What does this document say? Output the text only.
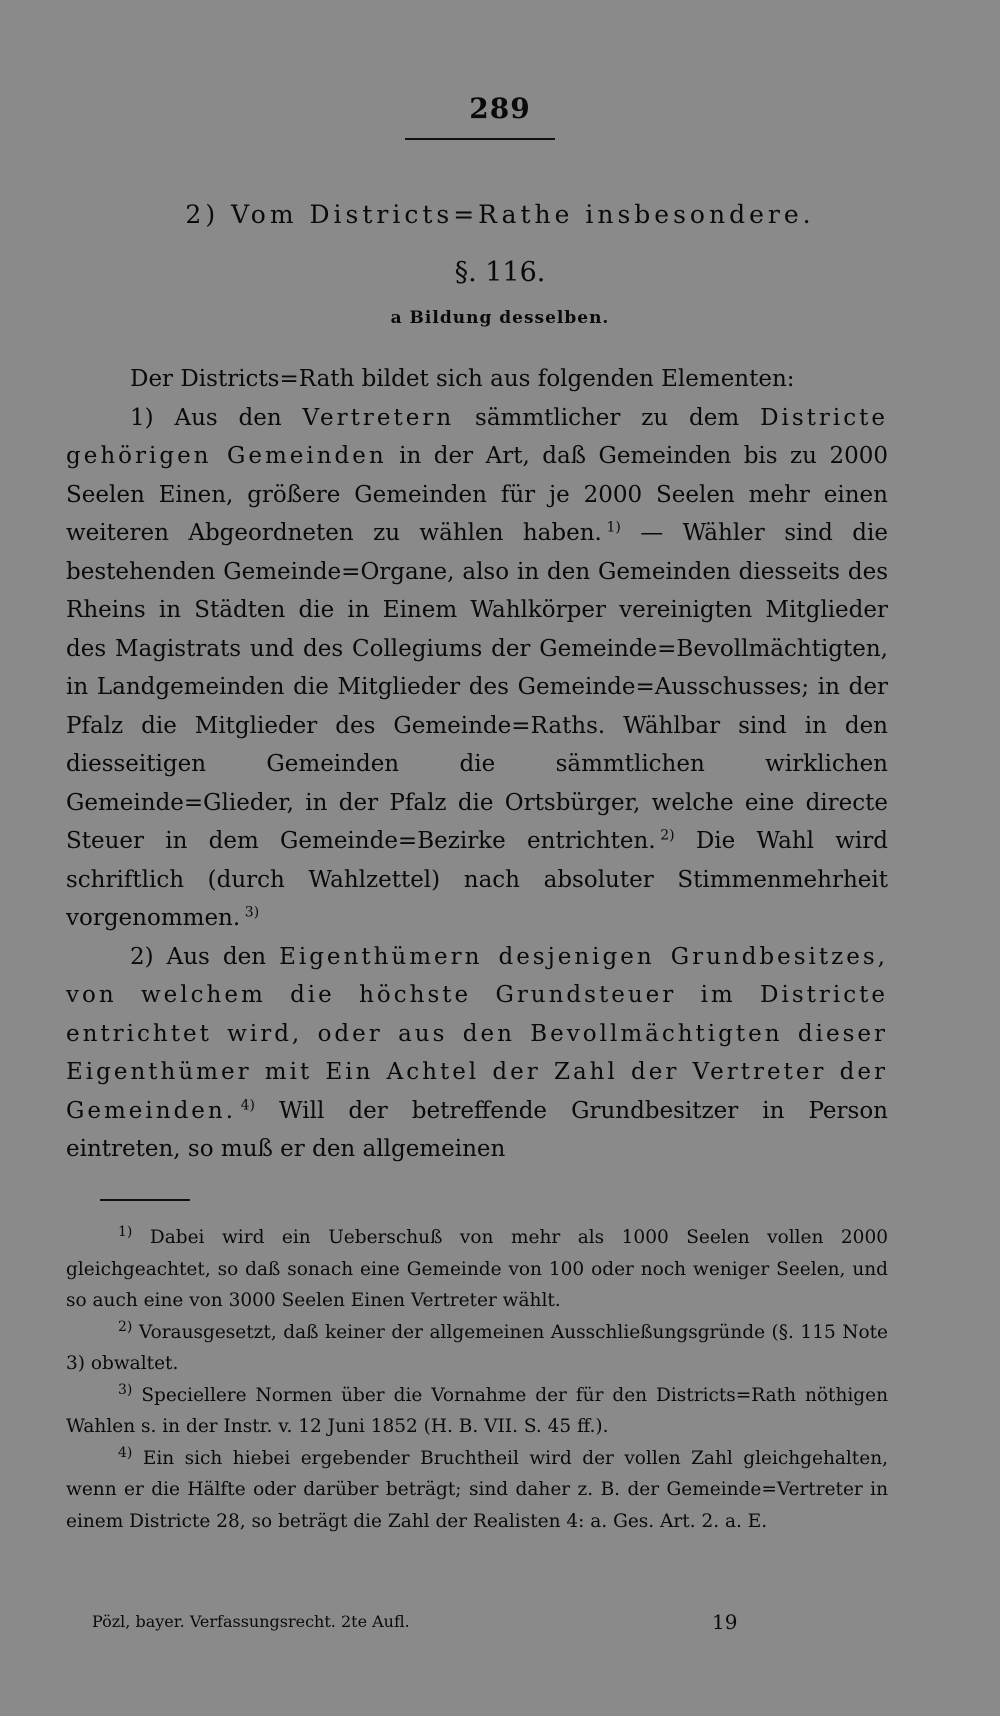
289
2) Vom Districts=Rathe insbesondere.
§. 116.
a Bildung desselben.

Der Districts=Rath bildet sich aus folgenden Elementen:

1) Aus den Vertretern sämmtlicher zu dem Districte gehörigen Gemeinden in der Art, daß Gemeinden bis zu 2000 Seelen Einen, größere Gemeinden für je 2000 Seelen mehr einen weiteren Abgeordneten zu wählen haben.  $^{1)}$ — Wähler sind die bestehenden Gemeinde=Organe, also in den Gemeinden diesseits des Rheins in Städten die in Einem Wahlkörper vereinigten Mitglieder des Magistrats und des Collegiums der Gemeinde=Bevollmächtigten, in Landgemeinden die Mitglieder des Gemeinde=Ausschusses; in der Pfalz die Mitglieder des Gemeinde=Raths. Wählbar sind in den diesseitigen Gemeinden die sämmtlichen wirklichen Gemeinde=Glieder, in der Pfalz die Ortsbürger, welche eine directe Steuer in dem Gemeinde=Bezirke entrichten.  $^{2)}$ Die Wahl wird schriftlich (durch Wahlzettel) nach absoluter Stimmenmehrheit vorgenommen.  $^{3)}$

2) Aus den Eigenthümern desjenigen Grundbesitzes, von welchem die höchste Grundsteuer im Districte entrichtet wird, oder aus den Bevollmächtigten dieser Eigenthümer mit Ein Achtel der Zahl der Vertreter der Gemeinden.  $^{4)}$ Will der betreffende Grundbesitzer in Person eintreten, so muß er den allgemeinen

$^{1)}$ Dabei wird ein Ueberschuß von mehr als 1000 Seelen vollen 2000 gleichgeachtet, so daß sonach eine Gemeinde von 100 oder noch weniger Seelen, und so auch eine von 3000 Seelen Einen Vertreter wählt.

$^{2)}$ Vorausgesetzt, daß keiner der allgemeinen Ausschließungsgründe (§. 115 Note 3) obwaltet.

$^{3)}$ Speciellere Normen über die Vornahme der für den Districts=Rath nöthigen Wahlen s. in der Instr. v. 12 Juni 1852 (H. B. VII. S. 45 ff.).

$^{4)}$ Ein sich hiebei ergebender Bruchtheil wird der vollen Zahl gleichgehalten, wenn er die Hälfte oder darüber beträgt; sind daher z. B. der Gemeinde=Vertreter in einem Districte 28, so beträgt die Zahl der Realisten 4: a. Ges. Art. 2. a. E.

Pözl, bayer. Verfassungsrecht. 2te Aufl.	19
